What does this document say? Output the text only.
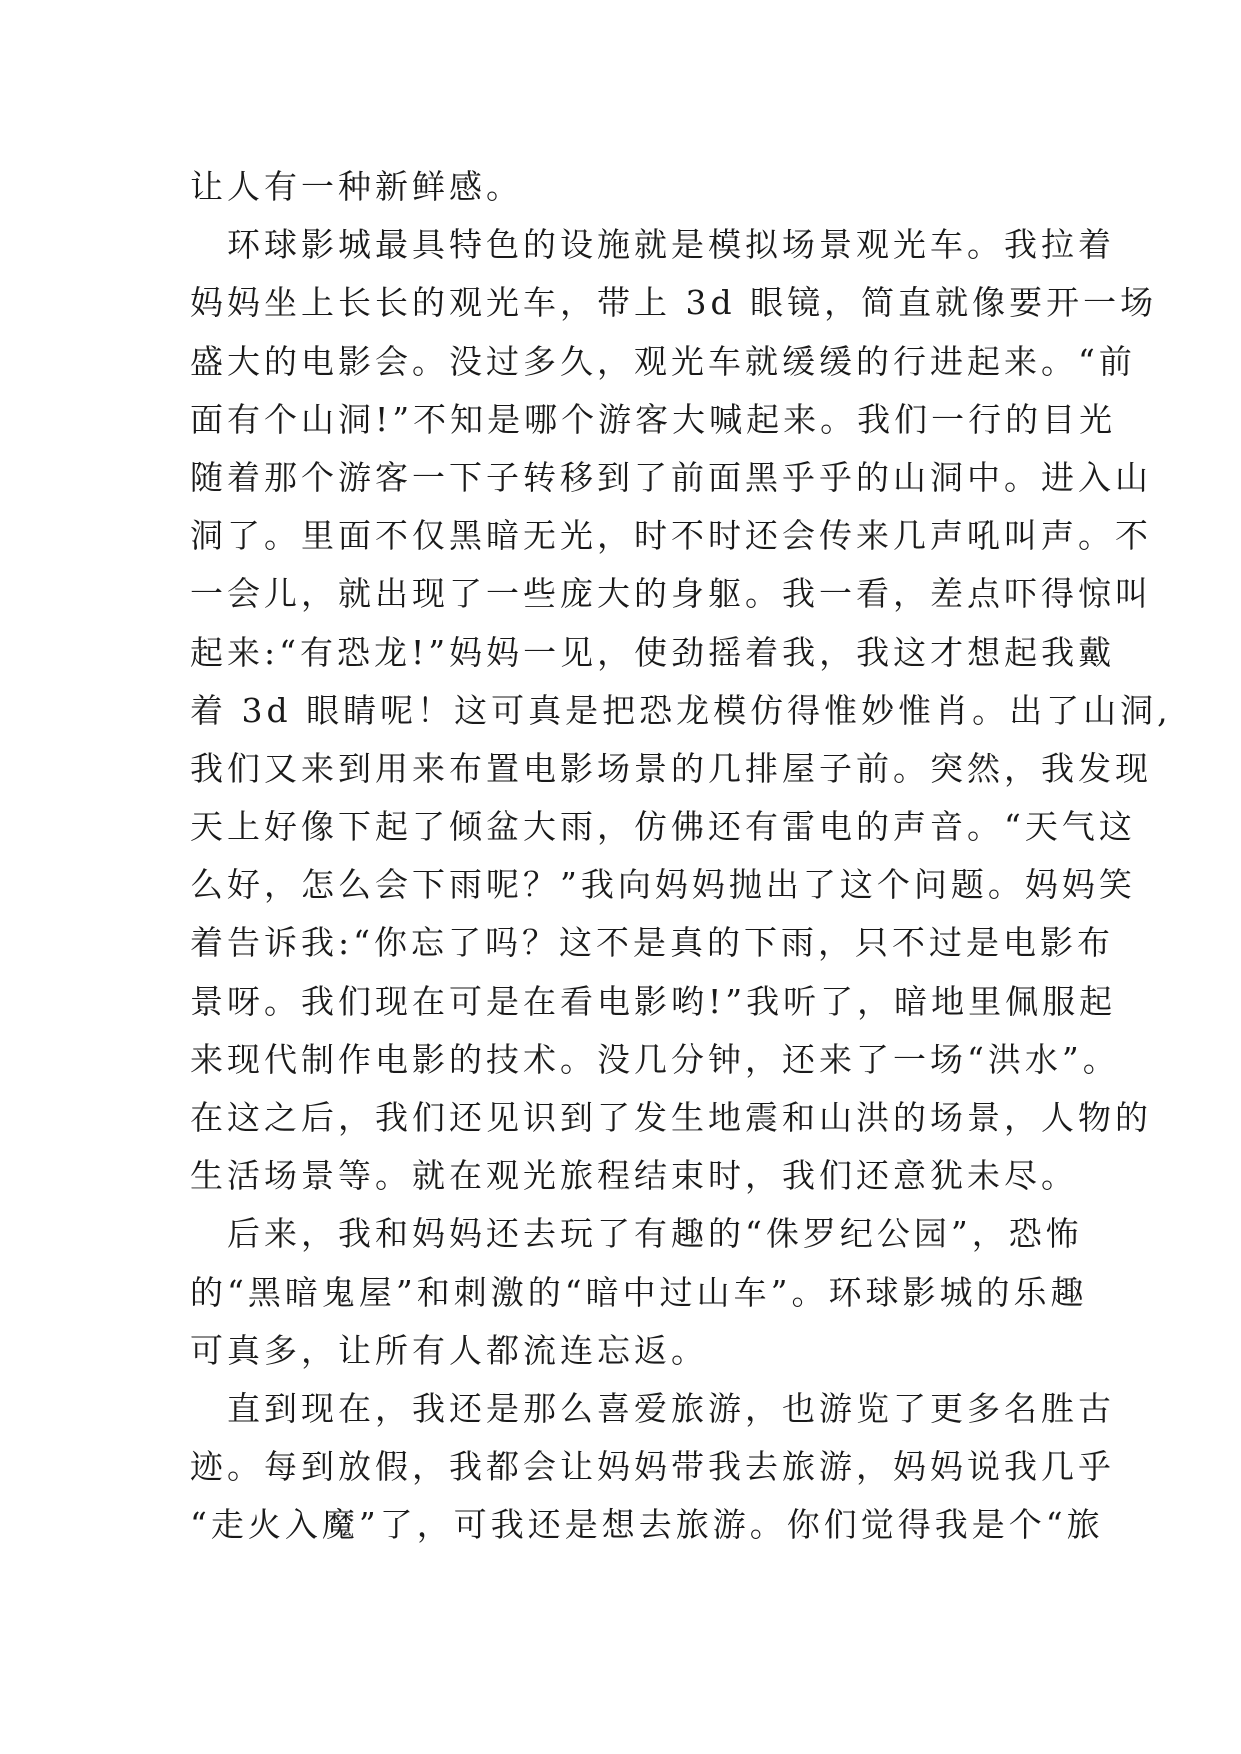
让人有一种新鲜感。
　环球影城最具特色的设施就是模拟场景观光车。我拉着
妈妈坐上长长的观光车，带上 3d 眼镜，简直就像要开一场
盛大的电影会。没过多久，观光车就缓缓的行进起来。“前
面有个山洞!”不知是哪个游客大喊起来。我们一行的目光
随着那个游客一下子转移到了前面黑乎乎的山洞中。进入山
洞了。里面不仅黑暗无光，时不时还会传来几声吼叫声。不
一会儿，就出现了一些庞大的身躯。我一看，差点吓得惊叫
起来:“有恐龙!”妈妈一见，使劲摇着我，我这才想起我戴
着 3d 眼睛呢！这可真是把恐龙模仿得惟妙惟肖。出了山洞,
我们又来到用来布置电影场景的几排屋子前。突然，我发现
天上好像下起了倾盆大雨，仿佛还有雷电的声音。“天气这
么好，怎么会下雨呢？”我向妈妈抛出了这个问题。妈妈笑
着告诉我:“你忘了吗？这不是真的下雨，只不过是电影布
景呀。我们现在可是在看电影哟!”我听了，暗地里佩服起
来现代制作电影的技术。没几分钟，还来了一场“洪水”。
在这之后，我们还见识到了发生地震和山洪的场景，人物的
生活场景等。就在观光旅程结束时，我们还意犹未尽。
　后来，我和妈妈还去玩了有趣的“侏罗纪公园”，恐怖
的“黑暗鬼屋”和刺激的“暗中过山车”。环球影城的乐趣
可真多，让所有人都流连忘返。
　直到现在，我还是那么喜爱旅游，也游览了更多名胜古
迹。每到放假，我都会让妈妈带我去旅游，妈妈说我几乎
“走火入魔”了，可我还是想去旅游。你们觉得我是个“旅
